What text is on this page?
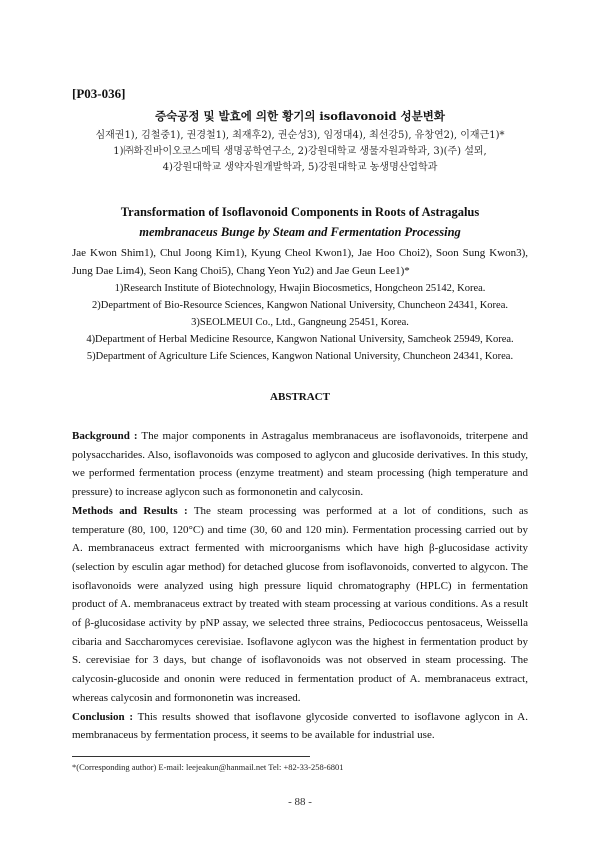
[P03-036]
증숙공정 및 발효에 의한 황기의 isoflavonoid 성분변화
심재권1), 김철중1), 권경철1), 최재후2), 권순성3), 임정대4), 최선강5), 유창연2), 이재근1)*
1)㈜화진바이오코스메틱 생명공학연구소, 2)강원대학교 생물자원과학과, 3)(주) 설뫼,
4)강원대학교 생약자원개발학과, 5)강원대학교 농생명산업학과
Transformation of Isoflavonoid Components in Roots of Astragalus
membranaceus Bunge by Steam and Fermentation Processing
Jae Kwon Shim1), Chul Joong Kim1), Kyung Cheol Kwon1), Jae Hoo Choi2), Soon Sung Kwon3), Jung Dae Lim4), Seon Kang Choi5), Chang Yeon Yu2) and Jae Geun Lee1)*
1)Research Institute of Biotechnology, Hwajin Biocosmetics, Hongcheon 25142, Korea.
2)Department of Bio-Resource Sciences, Kangwon National University, Chuncheon 24341, Korea.
3)SEOLMEUI Co., Ltd., Gangneung 25451, Korea.
4)Department of Herbal Medicine Resource, Kangwon National University, Samcheok 25949, Korea.
5)Department of Agriculture Life Sciences, Kangwon National University, Chuncheon 24341, Korea.
ABSTRACT

Background : The major components in Astragalus membranaceus are isoflavonoids, triterpene and polysaccharides. Also, isoflavonoids was composed to aglycon and glucoside derivatives. In this study, we performed fermentation process (enzyme treatment) and steam processing (high temperature and pressure) to increase aglycon such as formononetin and calycosin.

Methods and Results : The steam processing was performed at a lot of conditions, such as temperature (80, 100, 120°C) and time (30, 60 and 120 min). Fermentation processing carried out by A. membranaceus extract fermented with microorganisms which have high β-glucosidase activity (selection by esculin agar method) for detached glucose from isoflavonoids, converted to algycon. The isoflavonoids were analyzed using high pressure liquid chromatography (HPLC) in fermentation product of A. membranaceus extract by treated with steam processing at various conditions. As a result of β-glucosidase activity by pNP assay, we selected three strains, Pediococcus pentosaceus, Weissella cibaria and Saccharomyces cerevisiae. Isoflavone aglycon was the highest in fermentation product by S. cerevisiae for 3 days, but change of isoflavonoids was not observed in steam processing. The calycosin-glucoside and ononin were reduced in fermentation product of A. membranaceus extract, whereas calycosin and formononetin was increased.

Conclusion : This results showed that isoflavone glycoside converted to isoflavone aglycon in A. membranaceus by fermentation process, it seems to be available for industrial use.

*(Corresponding author) E-mail: leejeakun@hanmail.net Tel: +82-33-258-6801
- 88 -
